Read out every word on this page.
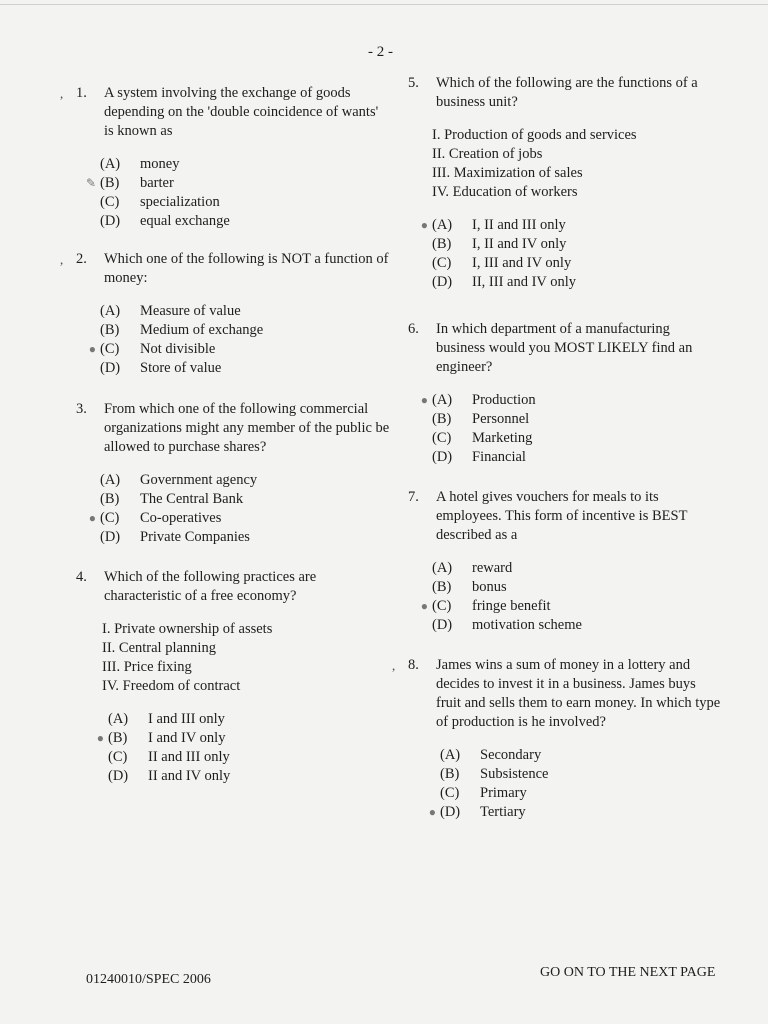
- 2 -
, 1.	A system involving the exchange of goods depending on the 'double coincidence of wants' is known as
(A)	money
✎ (B)	barter
(C)	specialization
(D)	equal exchange
, 2.	Which one of the following is NOT a function of money:
(A)	Measure of value
(B)	Medium of exchange
● (C)	Not divisible
(D)	Store of value
3.	From which one of the following commercial organizations might any member of the public be allowed to purchase shares?
(A)	Government agency
(B)	The Central Bank
● (C)	Co-operatives
(D)	Private Companies
4.	Which of the following practices are characteristic of a free economy?
I. Private ownership of assets
II. Central planning
III. Price fixing
IV. Freedom of contract
(A)	I and III only
● (B)	I and IV only
(C)	II and III only
(D)	II and IV only
5.	Which of the following are the functions of a business unit?
I. Production of goods and services
II. Creation of jobs
III. Maximization of sales
IV. Education of workers
● (A)	I, II and III only
(B)	I, II and IV only
(C)	I, III and IV only
(D)	II, III and IV only
6.	In which department of a manufacturing business would you MOST LIKELY find an engineer?
● (A)	Production
(B)	Personnel
(C)	Marketing
(D)	Financial
7.	A hotel gives vouchers for meals to its employees. This form of incentive is BEST described as a
(A)	reward
(B)	bonus
● (C)	fringe benefit
(D)	motivation scheme
, 8.	James wins a sum of money in a lottery and decides to invest it in a business. James buys fruit and sells them to earn money. In which type of production is he involved?
(A)	Secondary
(B)	Subsistence
(C)	Primary
● (D)	Tertiary
01240010/SPEC 2006	GO ON TO THE NEXT PAGE
